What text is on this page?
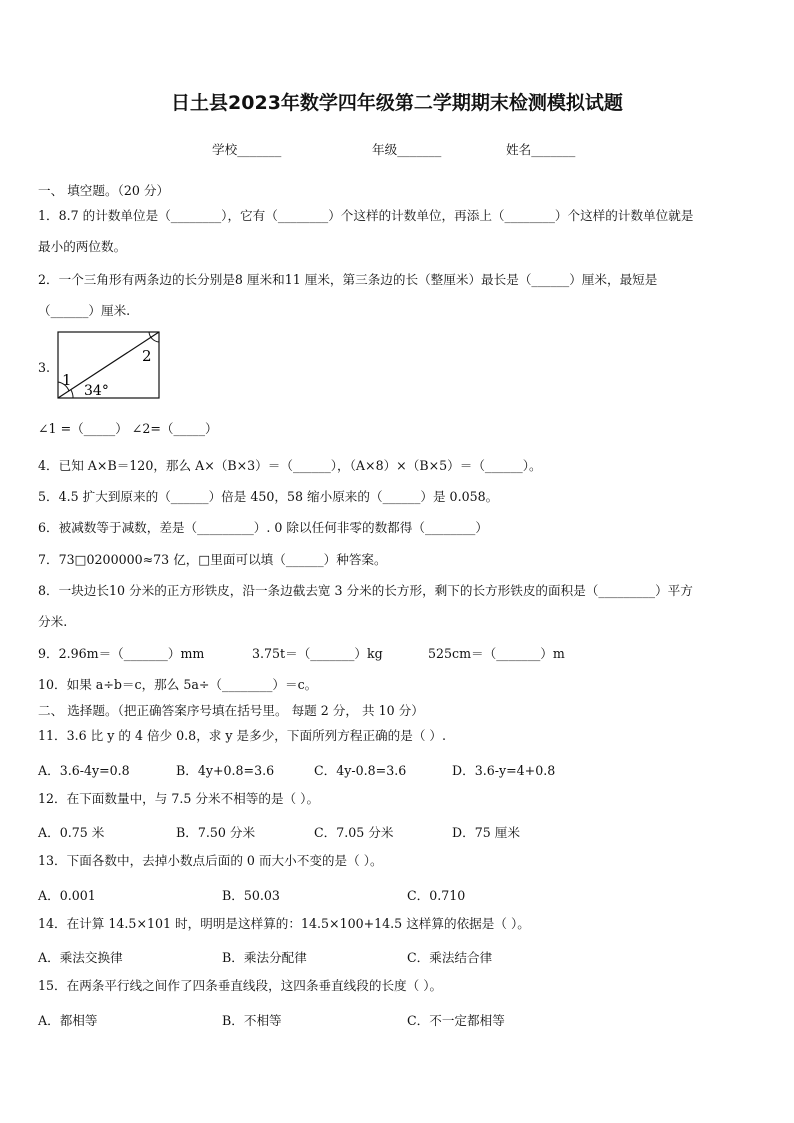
日土县2023年数学四年级第二学期期末检测模拟试题
学校_______	年级_______	姓名_______
一、 填空题。（20 分）
1．8.7 的计数单位是（________），它有（________）个这样的计数单位，再添上（________）个这样的计数单位就是
最小的两位数。
2．一个三角形有两条边的长分别是8 厘米和11 厘米，第三条边的长（整厘米）最长是（______）厘米，最短是
（______）厘米.
3.
1
2
34°
∠1 =（_____） ∠2=（_____）
4．已知 A×B＝120，那么 A×（B×3）＝（______），（A×8）×（B×5）＝（______）。
5．4.5 扩大到原来的（______）倍是 450，58 缩小原来的（______）是 0.058。
6．被减数等于减数，差是（_________）. 0 除以任何非零的数都得（________）
7．73□0200000≈73 亿，□里面可以填（______）种答案。
8．一块边长10 分米的正方形铁皮，沿一条边截去宽 3 分米的长方形，剩下的长方形铁皮的面积是（_________）平方
分米.
9．2.96m＝（_______）mm	3.75t＝（_______）kg	525cm＝（_______）m
10．如果 a÷b＝c，那么 5a÷（________）＝c。
二、 选择题。（把正确答案序号填在括号里。 每题 2 分， 共 10 分）
11．3.6 比 y 的 4 倍少 0.8，求 y 是多少，下面所列方程正确的是（ ）.
A．3.6-4y=0.8	B．4y+0.8=3.6	C．4y-0.8=3.6	D．3.6-y=4+0.8
12．在下面数量中，与 7.5 分米不相等的是（ ）。
A．0.75 米	B．7.50 分米	C．7.05 分米	D．75 厘米
13．下面各数中，去掉小数点后面的 0 而大小不变的是（ ）。
A．0.001	B．50.03	C．0.710
14．在计算 14.5×101 时，明明是这样算的：14.5×100+14.5 这样算的依据是（ ）。
A．乘法交换律	B．乘法分配律	C．乘法结合律
15．在两条平行线之间作了四条垂直线段，这四条垂直线段的长度（ ）。
A．都相等	B．不相等	C．不一定都相等
